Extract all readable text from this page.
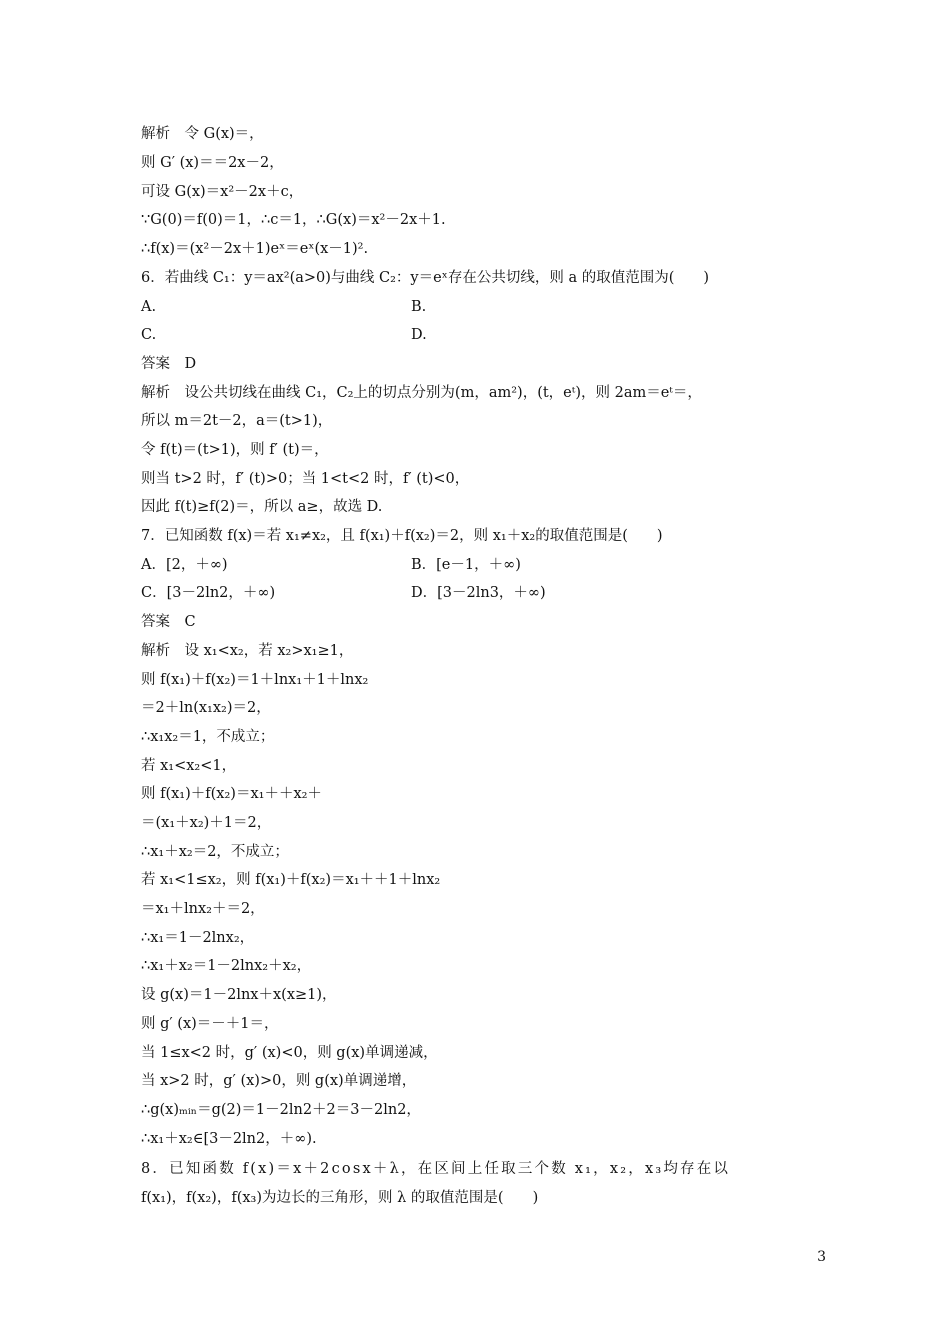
解析　令 G(x)＝，
则 G′ (x)＝＝2x－2，
可设 G(x)＝x²－2x＋c，
∵G(0)＝f(0)＝1，∴c＝1，∴G(x)＝x²－2x＋1.
∴f(x)＝(x²－2x＋1)eˣ＝eˣ(x－1)².
6．若曲线 C₁：y＝ax²(a>0)与曲线 C₂：y＝eˣ存在公共切线，则 a 的取值范围为(　　)
A.	B.
C.	D.
答案　D
解析　设公共切线在曲线 C₁，C₂上的切点分别为(m，am²)，(t，eᵗ)，则 2am＝eᵗ＝，
所以 m＝2t－2，a＝(t>1)，
令 f(t)＝(t>1)，则 f′ (t)＝，
则当 t>2 时，f′ (t)>0；当 1<t<2 时，f′ (t)<0，
因此 f(t)≥f(2)＝，所以 a≥，故选 D.
7．已知函数 f(x)＝若 x₁≠x₂，且 f(x₁)＋f(x₂)＝2，则 x₁＋x₂的取值范围是(　　)
A．[2，＋∞)	B．[e－1，＋∞)
C．[3－2ln2，＋∞)	D．[3－2ln3，＋∞)
答案　C
解析　设 x₁<x₂，若 x₂>x₁≥1，
则 f(x₁)＋f(x₂)＝1＋lnx₁＋1＋lnx₂
＝2＋ln(x₁x₂)＝2，
∴x₁x₂＝1，不成立；
若 x₁<x₂<1，
则 f(x₁)＋f(x₂)＝x₁＋＋x₂＋
＝(x₁＋x₂)＋1＝2，
∴x₁＋x₂＝2，不成立；
若 x₁<1≤x₂，则 f(x₁)＋f(x₂)＝x₁＋＋1＋lnx₂
＝x₁＋lnx₂＋＝2，
∴x₁＝1－2lnx₂，
∴x₁＋x₂＝1－2lnx₂＋x₂，
设 g(x)＝1－2lnx＋x(x≥1)，
则 g′ (x)＝－＋1＝，
当 1≤x<2 时，g′ (x)<0，则 g(x)单调递减，
当 x>2 时，g′ (x)>0，则 g(x)单调递增，
∴g(x)ₘᵢₙ＝g(2)＝1－2ln2＋2＝3－2ln2，
∴x₁＋x₂∈[3－2ln2，＋∞).
8．已知函数 f(x)＝x＋2cosx＋λ，在区间上任取三个数 x₁，x₂，x₃均存在以
f(x₁)，f(x₂)，f(x₃)为边长的三角形，则 λ 的取值范围是(　　)
3
